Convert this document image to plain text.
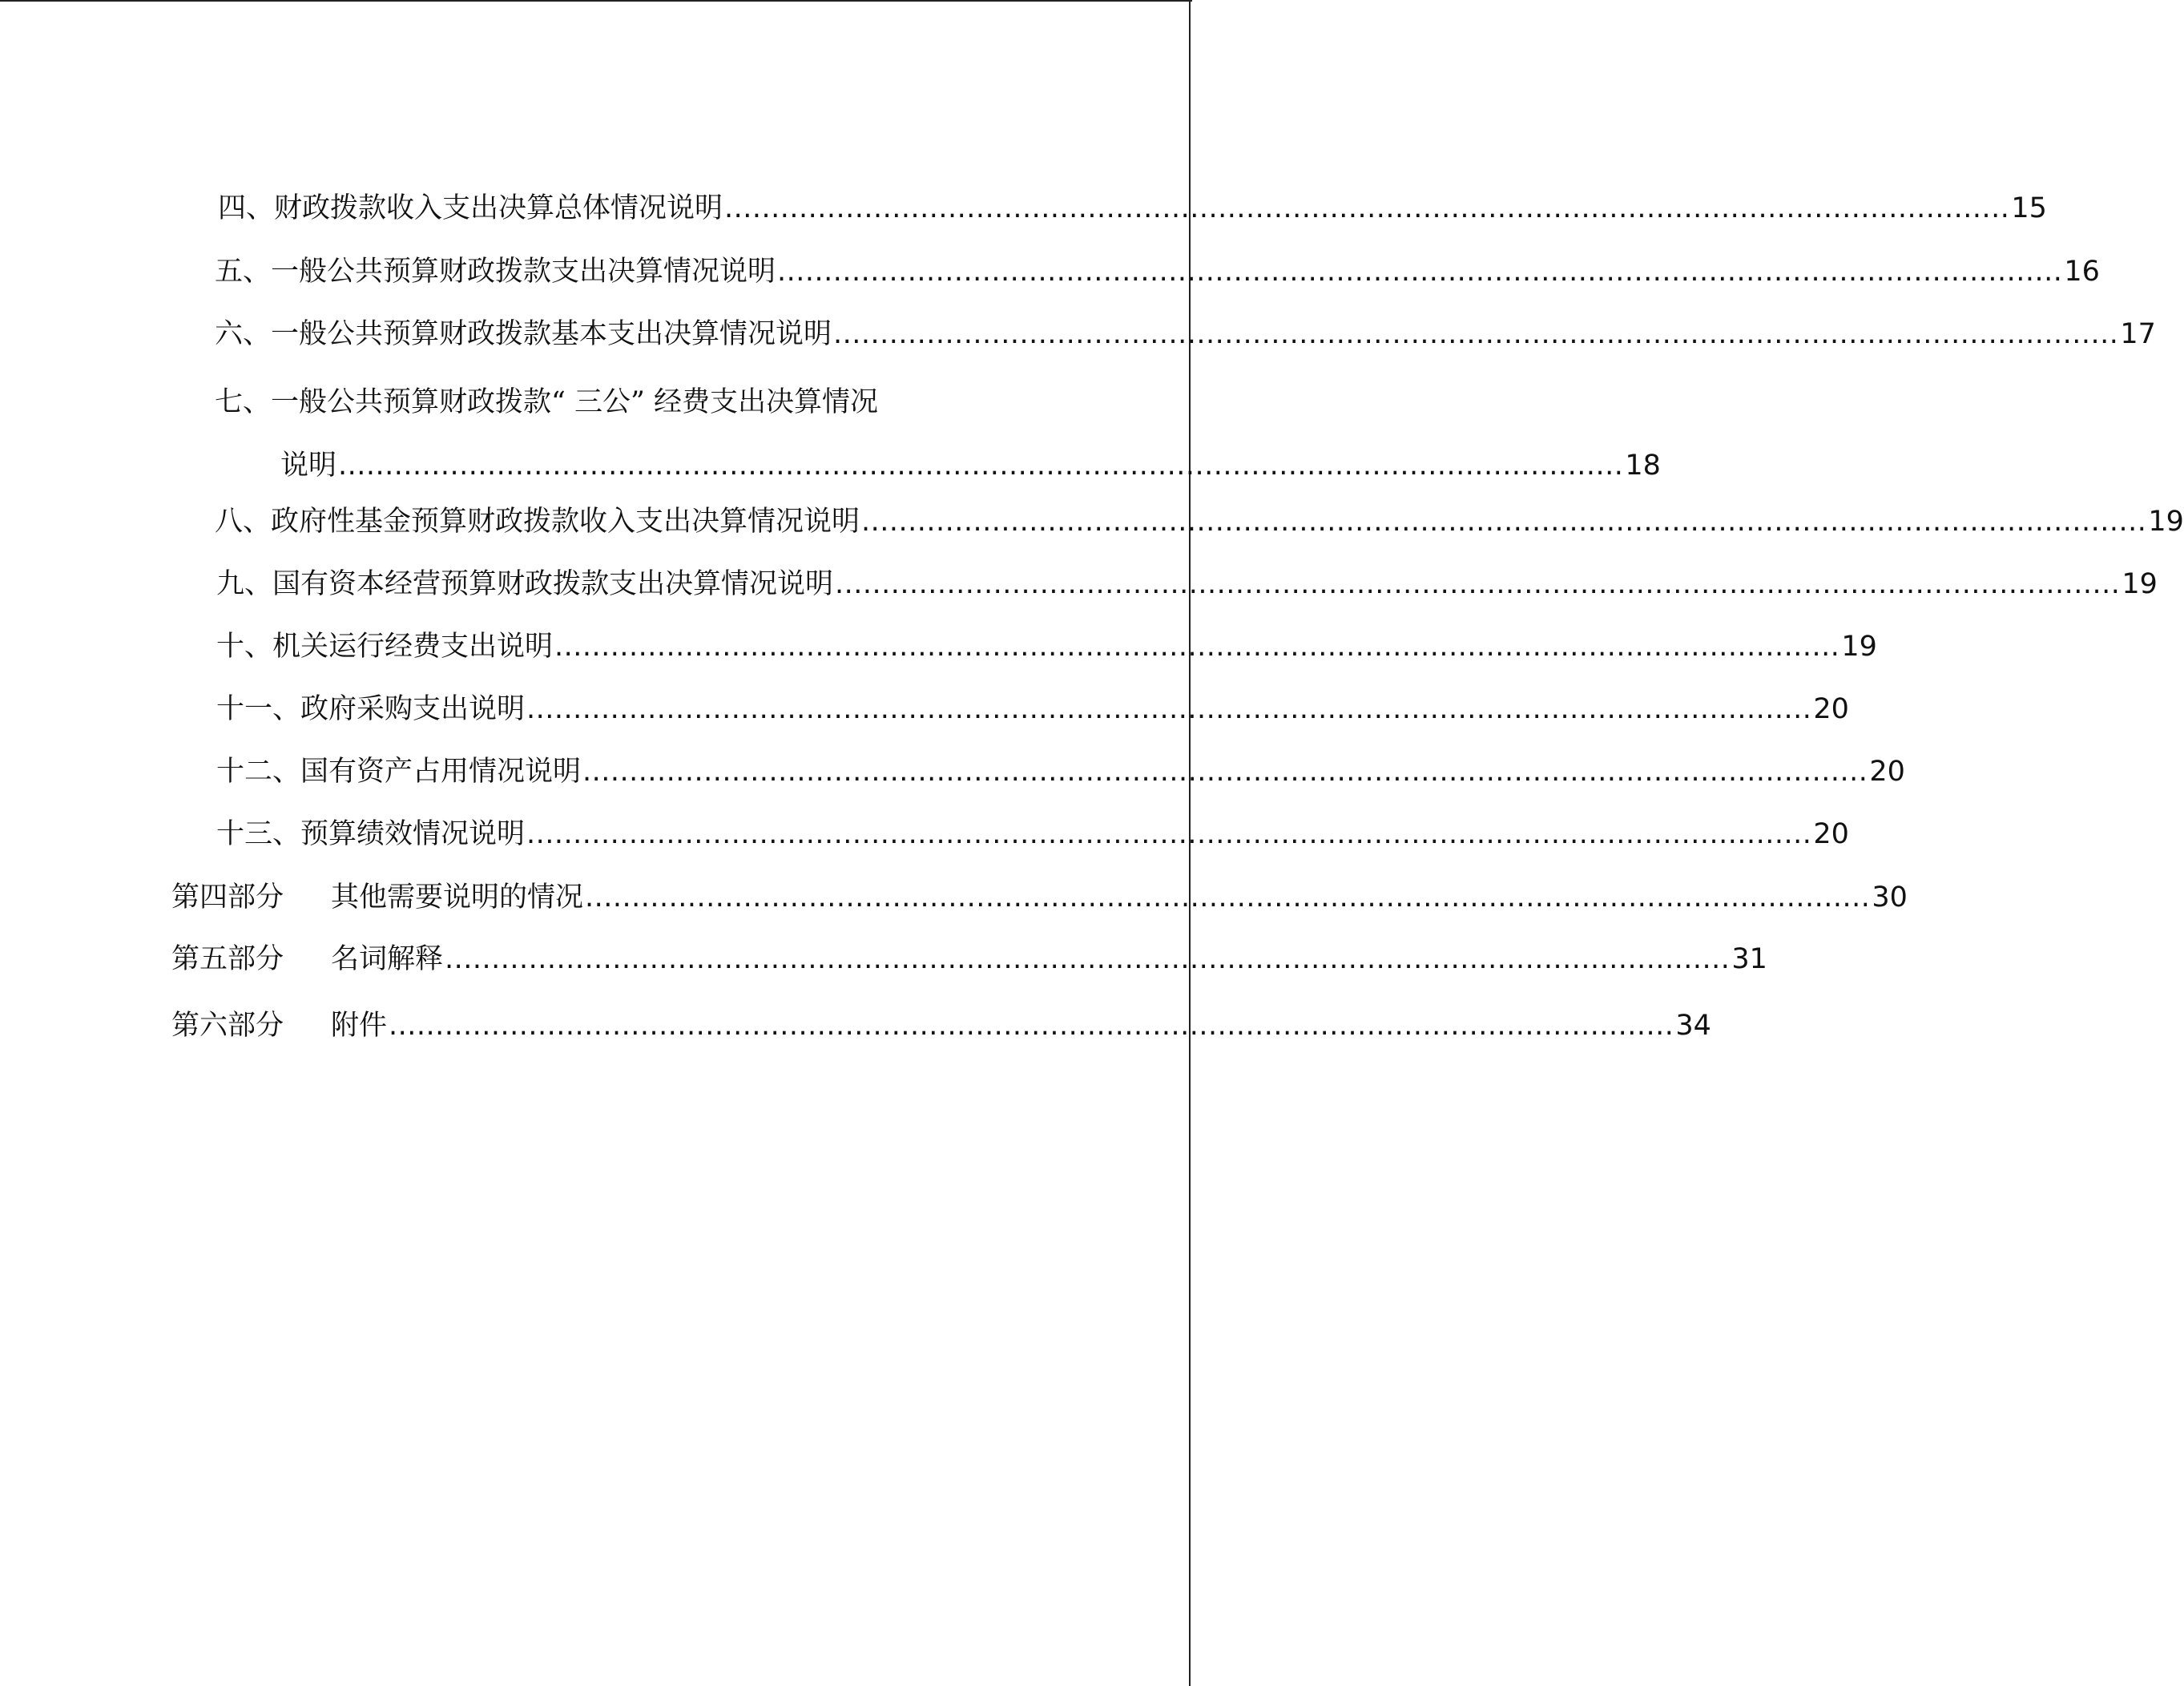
四、财政拨款收入支出决算总体情况说明 .......................................................................................................................................... 15
五、一般公共预算财政拨款支出决算情况说明 .......................................................................................................................................... 16
六、一般公共预算财政拨款基本支出决算情况说明 .......................................................................................................................................... 17
七、一般公共预算财政拨款“ 三公” 经费支出决算情况
说明 .......................................................................................................................................... 18
八、政府性基金预算财政拨款收入支出决算情况说明 .......................................................................................................................................... 19
九、国有资本经营预算财政拨款支出决算情况说明 .......................................................................................................................................... 19
十、机关运行经费支出说明 .......................................................................................................................................... 19
十一、政府采购支出说明 .......................................................................................................................................... 20
十二、国有资产占用情况说明 .......................................................................................................................................... 20
十三、预算绩效情况说明 .......................................................................................................................................... 20
第四部分	其他需要说明的情况 .......................................................................................................................................... 30
第五部分	名词解释 .......................................................................................................................................... 31
第六部分	附件 .......................................................................................................................................... 34
